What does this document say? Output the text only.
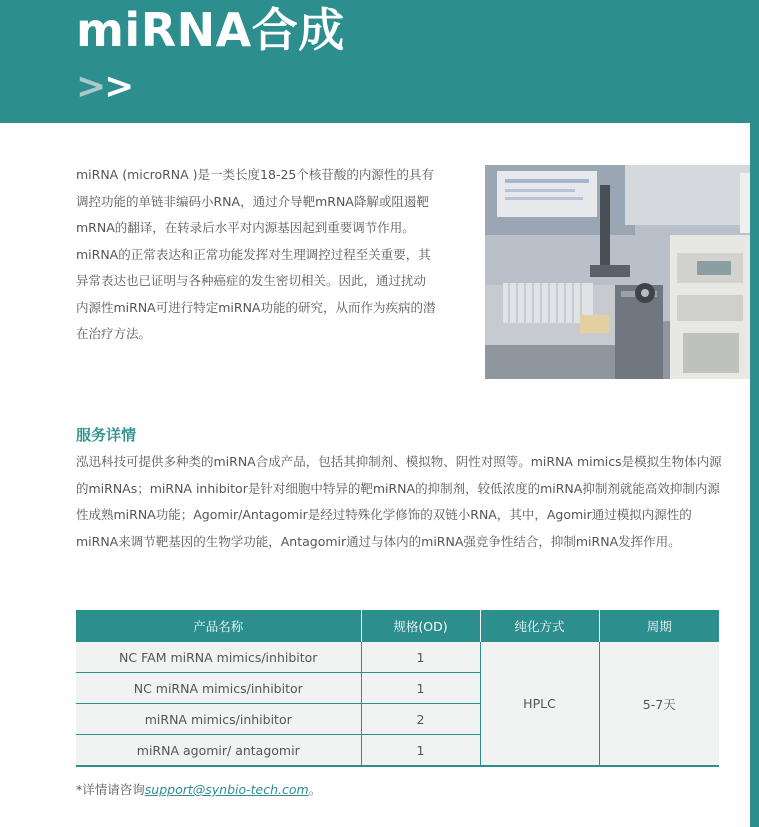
miRNA合成
>>
miRNA (microRNA )是一类长度18-25个核苷酸的内源性的具有调控功能的单链非编码小RNA，通过介导靶mRNA降解或阻遏靶mRNA的翻译，在转录后水平对内源基因起到重要调节作用。miRNA的正常表达和正常功能发挥对生理调控过程至关重要，其异常表达也已证明与各种癌症的发生密切相关。因此，通过扰动内源性miRNA可进行特定miRNA功能的研究，从而作为疾病的潜在治疗方法。
服务详情
泓迅科技可提供多种类的miRNA合成产品，包括其抑制剂、模拟物、阴性对照等。miRNA mimics是模拟生物体内源的miRNAs；miRNA inhibitor是针对细胞中特异的靶miRNA的抑制剂，较低浓度的miRNA抑制剂就能高效抑制内源性成熟miRNA功能；Agomir/Antagomir是经过特殊化学修饰的双链小RNA，其中，Agomir通过模拟内源性的miRNA来调节靶基因的生物学功能，Antagomir通过与体内的miRNA强竞争性结合，抑制miRNA发挥作用。
产品名称	规格(OD)	纯化方式	周期
NC FAM miRNA mimics/inhibitor	1	HPLC	5-7天
NC miRNA mimics/inhibitor	1		
miRNA mimics/inhibitor	2		
miRNA agomir/ antagomir	1		
*详情请咨询support@synbio-tech.com。
